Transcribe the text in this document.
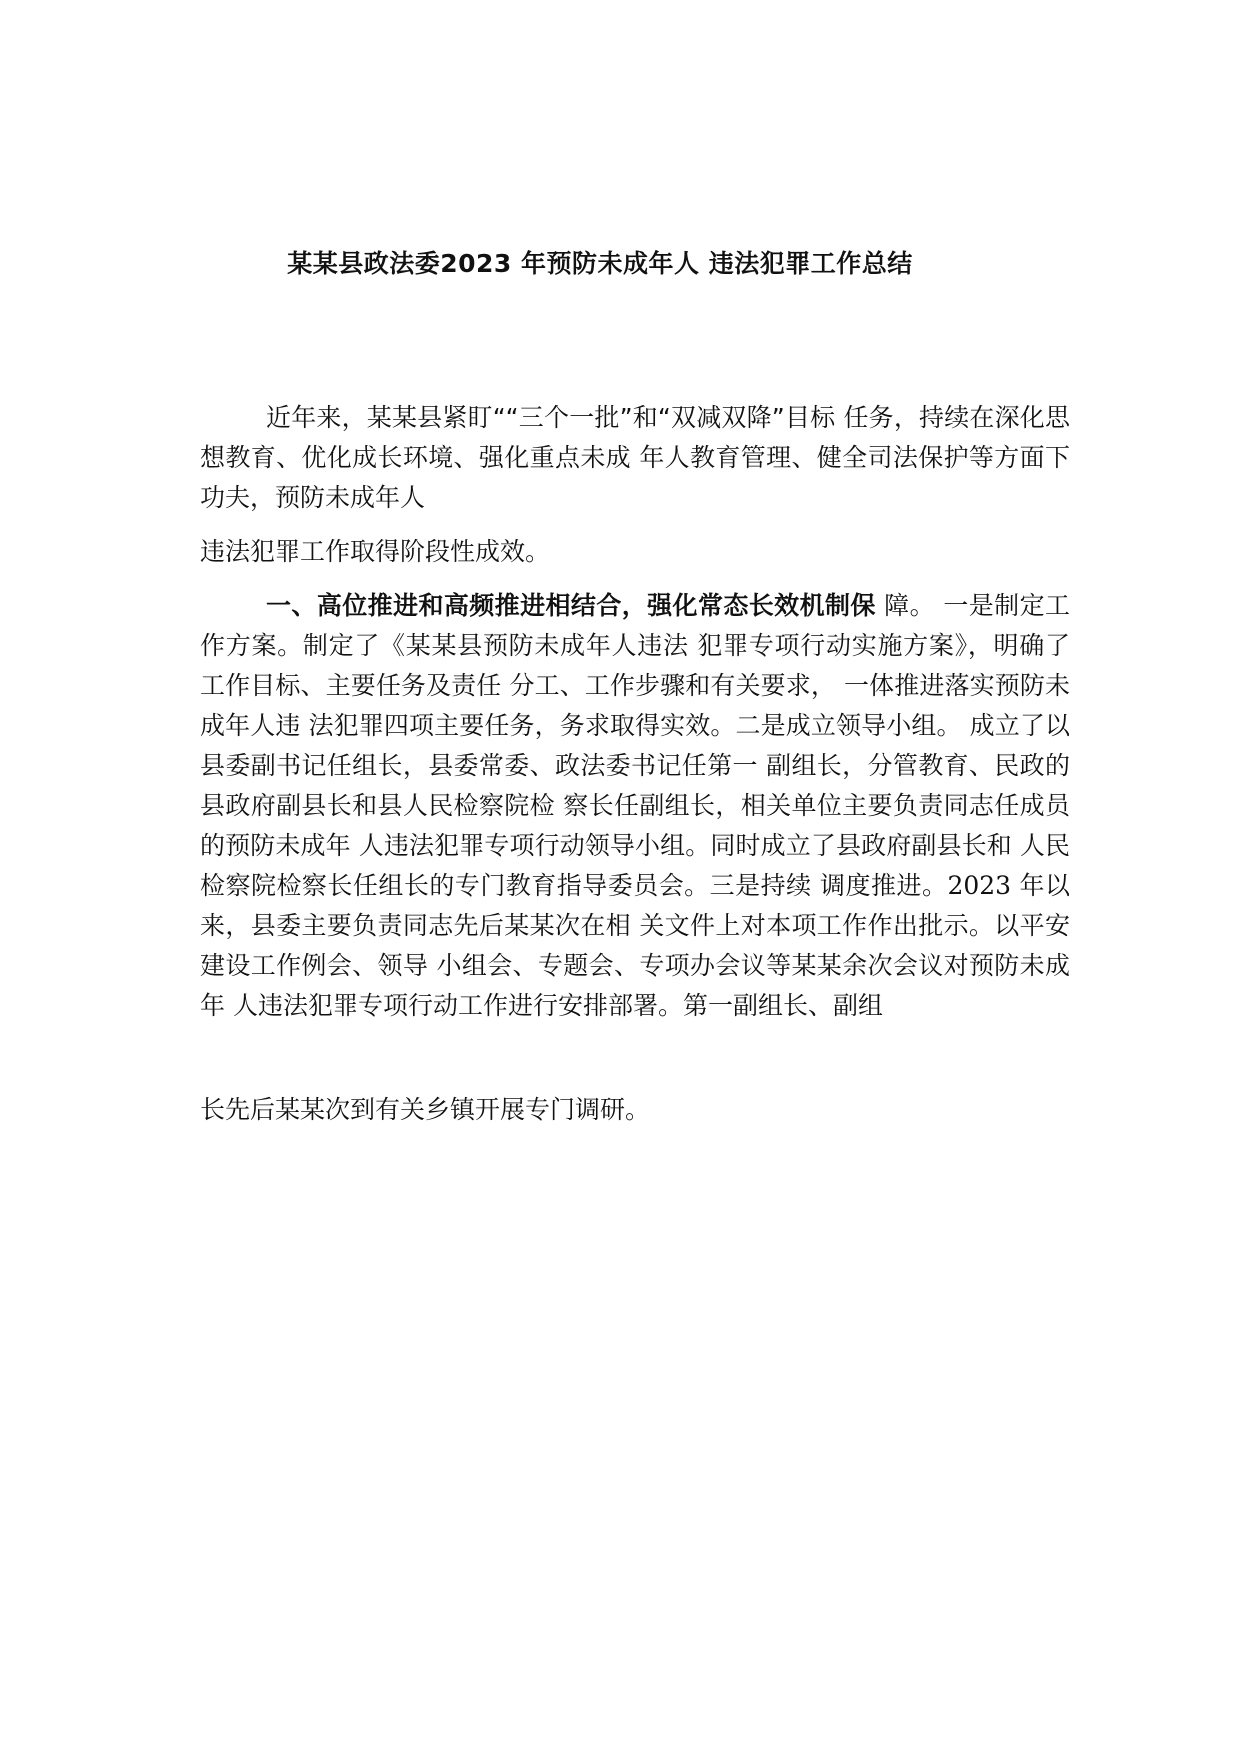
某某县政法委2023 年预防未成年人 违法犯罪工作总结

近年来，某某县紧盯““三个一批”和“双减双降”目标 任务，持续在深化思想教育、优化成长环境、强化重点未成 年人教育管理、健全司法保护等方面下功夫，预防未成年人

违法犯罪工作取得阶段性成效。

一、高位推进和高频推进相结合，强化常态长效机制保 障。 一是制定工作方案。制定了《某某县预防未成年人违法 犯罪专项行动实施方案》，明确了工作目标、主要任务及责任 分工、工作步骤和有关要求， 一体推进落实预防未成年人违 法犯罪四项主要任务，务求取得实效。二是成立领导小组。 成立了以县委副书记任组长，县委常委、政法委书记任第一 副组长，分管教育、民政的县政府副县长和县人民检察院检 察长任副组长，相关单位主要负责同志任成员的预防未成年 人违法犯罪专项行动领导小组。同时成立了县政府副县长和 人民检察院检察长任组长的专门教育指导委员会。三是持续 调度推进。2023 年以来，县委主要负责同志先后某某次在相 关文件上对本项工作作出批示。以平安建设工作例会、领导 小组会、专题会、专项办会议等某某余次会议对预防未成年 人违法犯罪专项行动工作进行安排部署。第一副组长、副组

长先后某某次到有关乡镇开展专门调研。
